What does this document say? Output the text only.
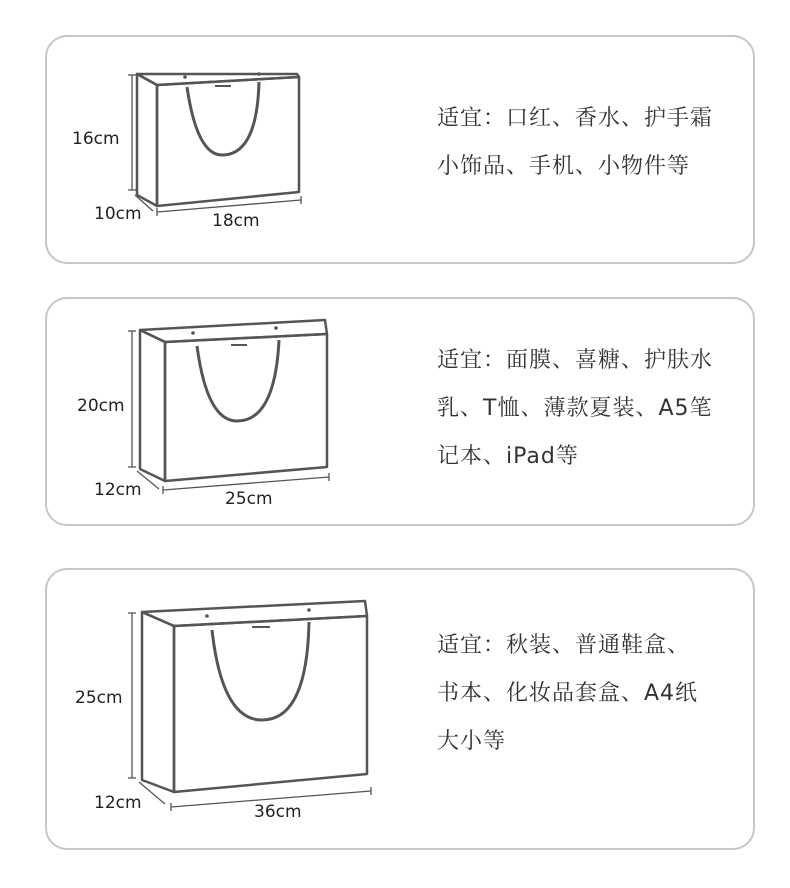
16cm
10cm	18cm
适宜：口红、香水、护手霜
小饰品、手机、小物件等
20cm
12cm	25cm
适宜：面膜、喜糖、护肤水
乳、T恤、薄款夏装、A5笔
记本、iPad等
25cm
12cm	36cm
适宜：秋装、普通鞋盒、
书本、化妆品套盒、A4纸
大小等
